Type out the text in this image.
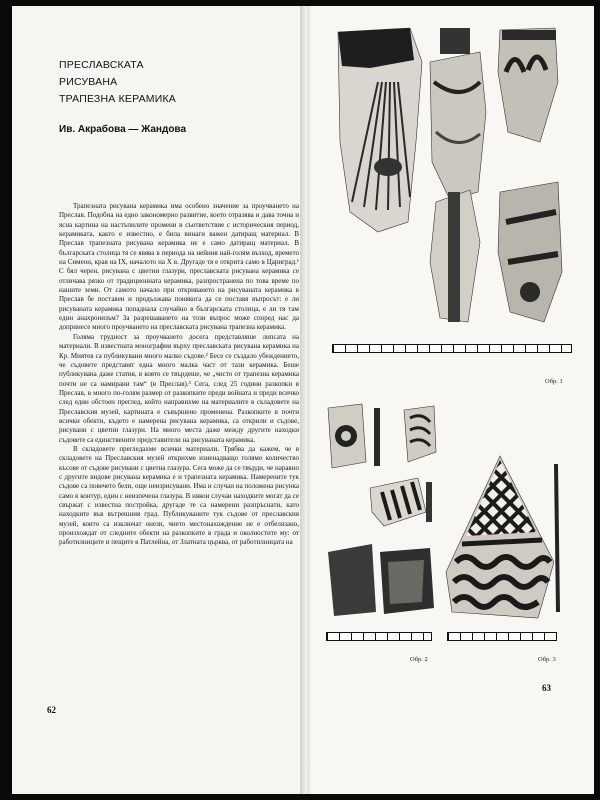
ПРЕСЛАВСКАТА
РИСУВАНА
ТРАПЕЗНА КЕРАМИКА
Ив. Акрабова — Жандова

Трапезната рисувана керамика има особено значение за проучването на Преслав. Подобна на едно закономерно развитие, което отразява и дава точна и ясна картина на настъпилите промени в съответствие с историческия период, керамиката, както е известно, е била винаги важен датиращ материал. В Преслав трапезната рисувана керамика не е само датиращ материал. В българската столица тя се явява в периода на нейния най-голям възход, времето на Симеон, края на IX, началото на X в. Другаде тя е открита само в Цариград.¹ С бял черен, рисувана с цветни глазури, преславската рисувана керамика се отличава рязко от традиционната керамика, разпространена по това време по нашите земи. От самото начало при откриването на рисуваната керамика в Преслав бе поставен и продължава понякога да се поставя въпросът: е ли рисуваната керамика попаднала случайно в българската столица, е ли тя там един анахронизъм? За разрешаването на този въпрос може според нас да допринесе много проучването на преславската рисувана трапезна керамика.

Голяма трудност за проучването досега представляше липсата на материали. В известната монография върху преславската рисувана керамика на Кр. Миятев са публикувани много малко съдове.² Бесе се създало убеждението, че съдовете представят една много малка част от тази керамика. Беше публикувана даже статия, в която се твърдеше, че „чисто от трапезна керамика почти не са намирани там“ (в Преслав).³ Сега, след 25 години разкопки в Преслав, в много по-голям размер от разкопките преди войната и преди всичко след един обстоен преглед, който направихме на материалите в складовете на Преславския музей, картината е съвършено променена. Разкопките в почти всички обекти, където е намерена рисувана керамика, са открили и съдове, рисувани с цветни глазури. На много места даже между другите находки съдовете са единствените представители на рисуваната керамика.

В складовете прегледахме всички материали. Трябва да кажем, че в складовете на Преславския музей открихме изненадващо голямо количество късове от съдове рисувани с цветна глазура. Сега може да се твърди, че наравно с другите видове рисувана керамика е и трапезната керамика. Намерените тук съдове са повечето бели, още неизрисувани. Има и случаи на положена рисунка само в контур, един с неизпечена глазура. В някои случаи находките могат да се свържат с известна постройка, другаде те са намерени разпръснати, като находките във вътрешния град. Публикуваните тук съдове от преславския музей, които са изключат онези, чието местонахождение не е отбелязано, произхождат от следните обекти на разкопките в града и околностите му: от работилниците и пещите в Патлейна, от Златната църква, от работилницата на

62
Обр. 1
Обр. 2	Обр. 3
63
